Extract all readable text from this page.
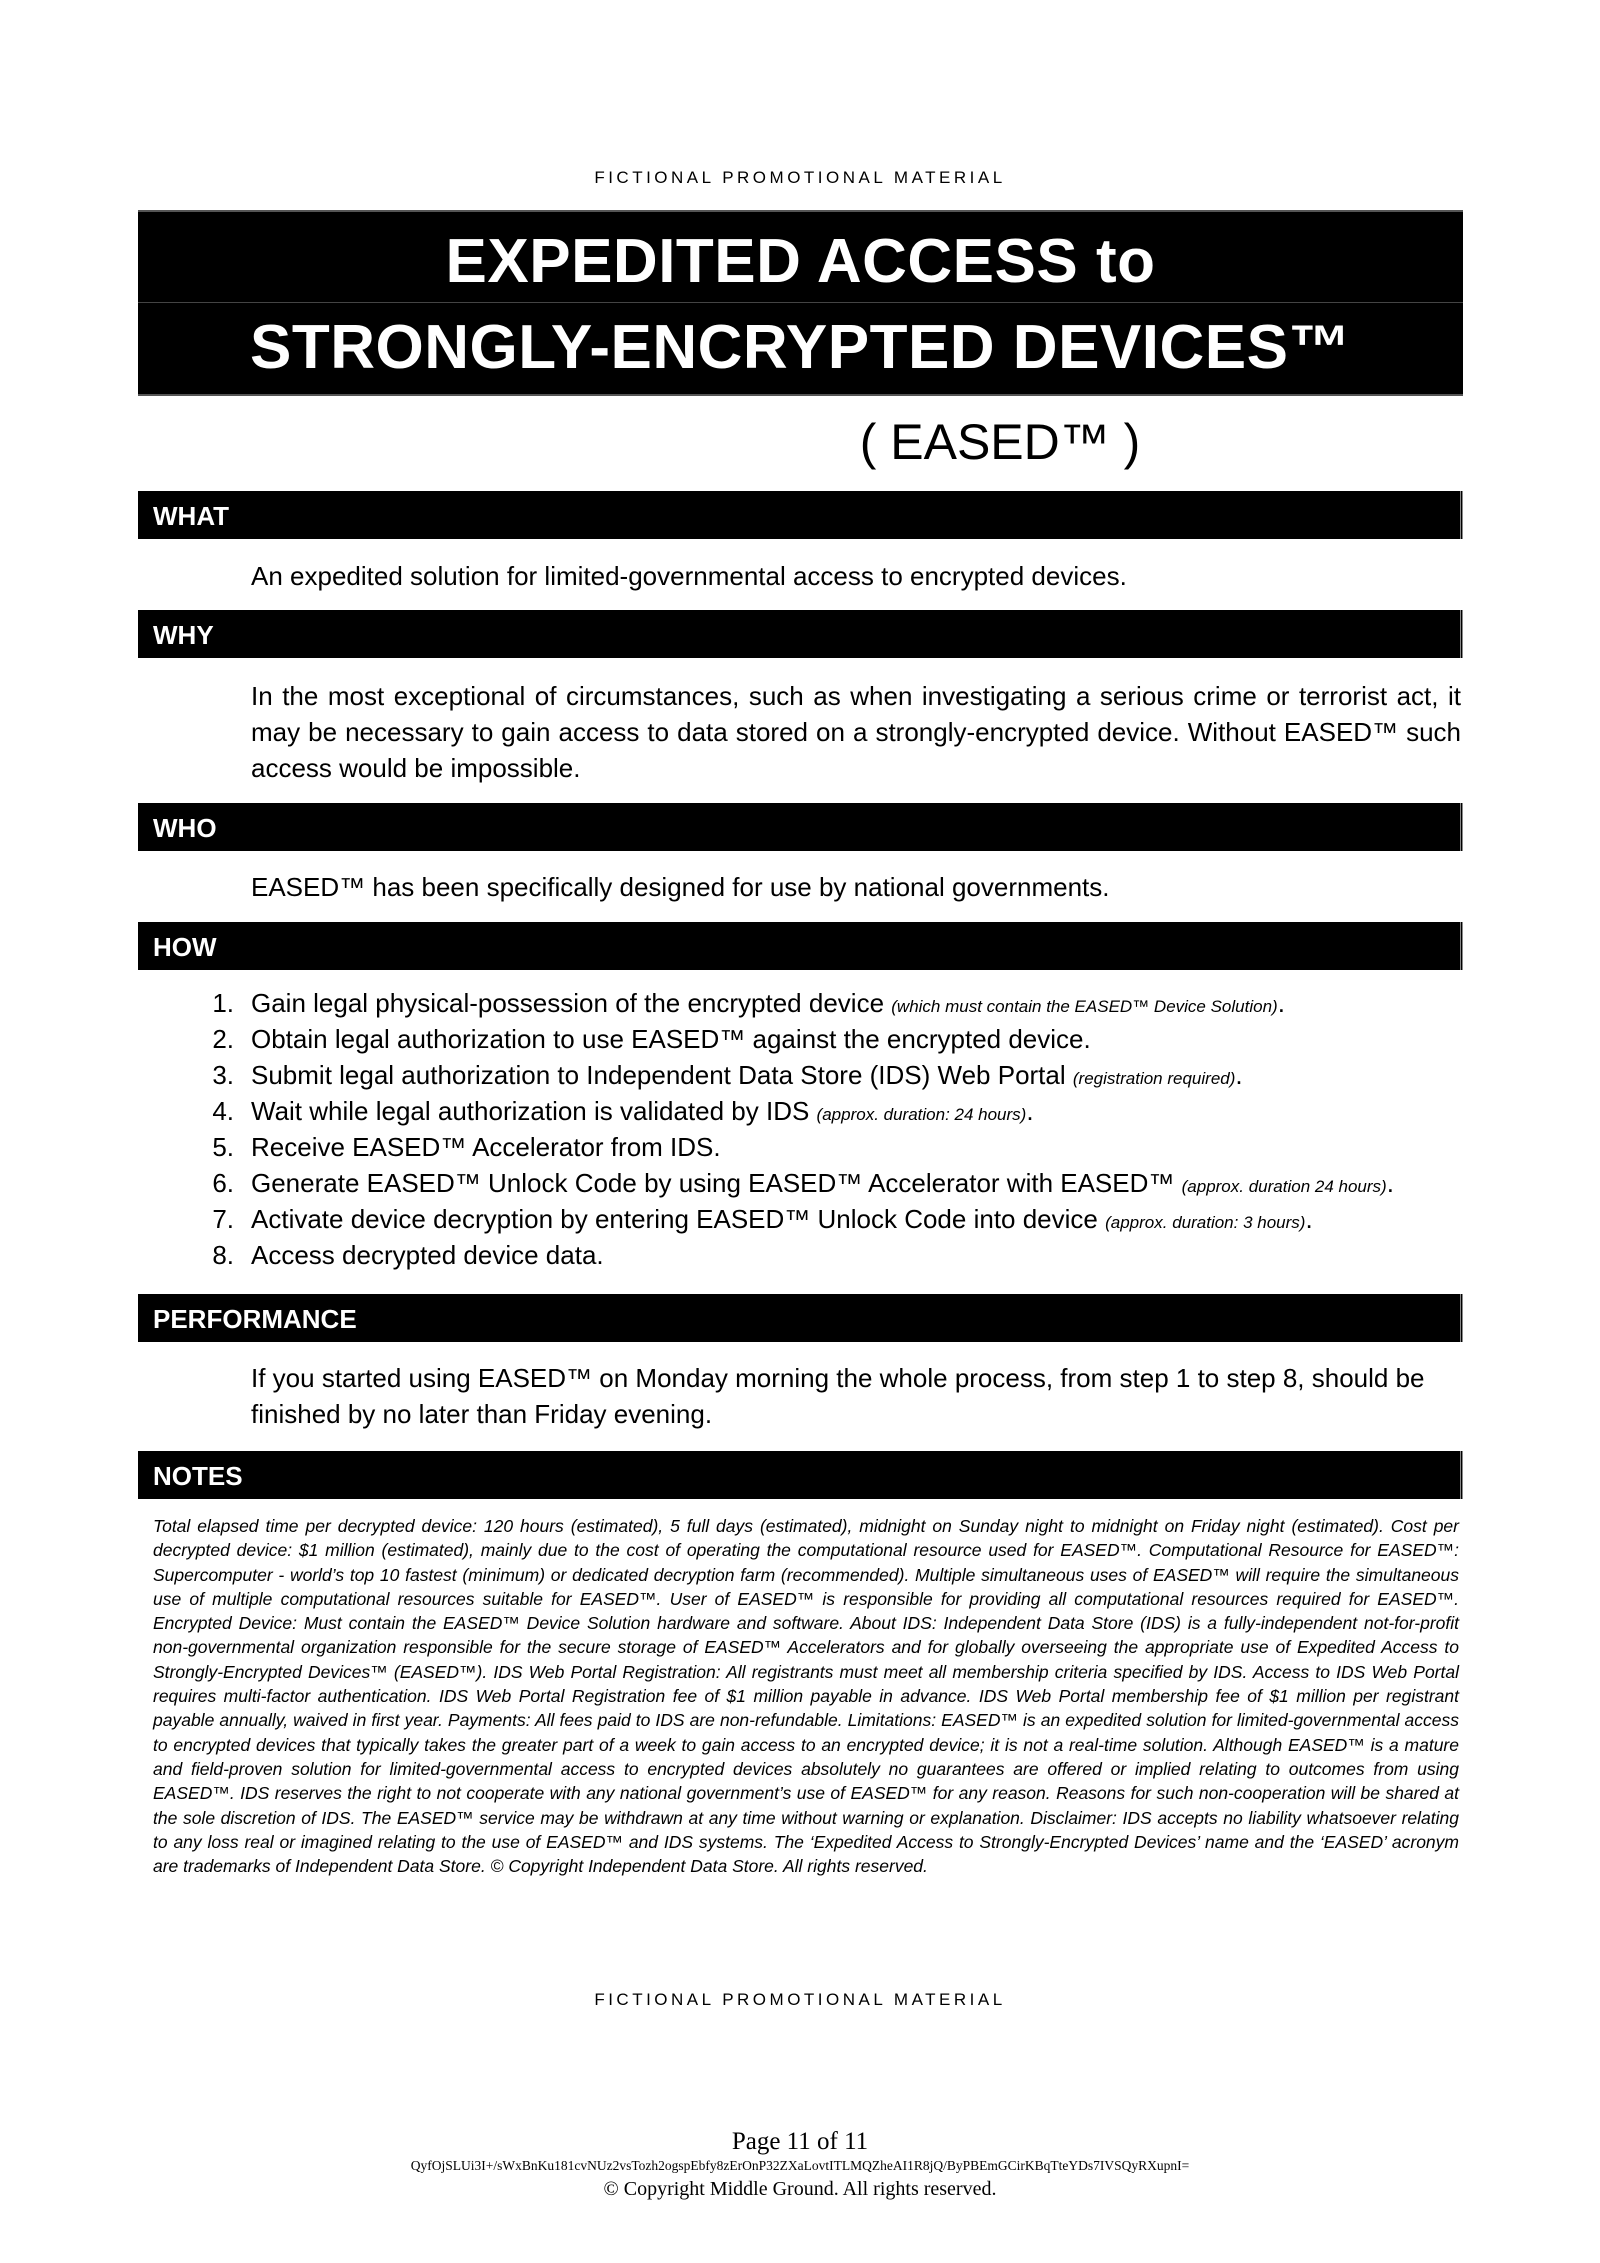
FICTIONAL PROMOTIONAL MATERIAL
EXPEDITED ACCESS to
STRONGLY-ENCRYPTED DEVICES™
( EASED™ )
WHAT
An expedited solution for limited-governmental access to encrypted devices.
WHY
In the most exceptional of circumstances, such as when investigating a serious crime or terrorist act, it may be necessary to gain access to data stored on a strongly-encrypted device. Without EASED™ such access would be impossible.
WHO
EASED™ has been specifically designed for use by national governments.
HOW
1. Gain legal physical-possession of the encrypted device (which must contain the EASED™ Device Solution).
2. Obtain legal authorization to use EASED™ against the encrypted device.
3. Submit legal authorization to Independent Data Store (IDS) Web Portal (registration required).
4. Wait while legal authorization is validated by IDS (approx. duration: 24 hours).
5. Receive EASED™ Accelerator from IDS.
6. Generate EASED™ Unlock Code by using EASED™ Accelerator with EASED™ (approx. duration 24 hours).
7. Activate device decryption by entering EASED™ Unlock Code into device (approx. duration: 3 hours).
8. Access decrypted device data.
PERFORMANCE
If you started using EASED™ on Monday morning the whole process, from step 1 to step 8, should be finished by no later than Friday evening.
NOTES
Total elapsed time per decrypted device: 120 hours (estimated), 5 full days (estimated), midnight on Sunday night to midnight on Friday night (estimated). Cost per decrypted device: $1 million (estimated), mainly due to the cost of operating the computational resource used for EASED™. Computational Resource for EASED™: Supercomputer - world’s top 10 fastest (minimum) or dedicated decryption farm (recommended). Multiple simultaneous uses of EASED™ will require the simultaneous use of multiple computational resources suitable for EASED™. User of EASED™ is responsible for providing all computational resources required for EASED™. Encrypted Device: Must contain the EASED™ Device Solution hardware and software. About IDS: Independent Data Store (IDS) is a fully-independent not-for-profit non-governmental organization responsible for the secure storage of EASED™ Accelerators and for globally overseeing the appropriate use of Expedited Access to Strongly-Encrypted Devices™ (EASED™). IDS Web Portal Registration: All registrants must meet all membership criteria specified by IDS. Access to IDS Web Portal requires multi-factor authentication. IDS Web Portal Registration fee of $1 million payable in advance. IDS Web Portal membership fee of $1 million per registrant payable annually, waived in first year. Payments: All fees paid to IDS are non-refundable. Limitations: EASED™ is an expedited solution for limited-governmental access to encrypted devices that typically takes the greater part of a week to gain access to an encrypted device; it is not a real-time solution. Although EASED™ is a mature and field-proven solution for limited-governmental access to encrypted devices absolutely no guarantees are offered or implied relating to outcomes from using EASED™. IDS reserves the right to not cooperate with any national government’s use of EASED™ for any reason. Reasons for such non-cooperation will be shared at the sole discretion of IDS. The EASED™ service may be withdrawn at any time without warning or explanation. Disclaimer: IDS accepts no liability whatsoever relating to any loss real or imagined relating to the use of EASED™ and IDS systems. The ‘Expedited Access to Strongly-Encrypted Devices’ name and the ‘EASED’ acronym are trademarks of Independent Data Store. © Copyright Independent Data Store. All rights reserved.
FICTIONAL PROMOTIONAL MATERIAL
Page 11 of 11
QyfOjSLUi3I+/sWxBnKu181cvNUz2vsTozh2ogspEbfy8zErOnP32ZXaLovtITLMQZheAI1R8jQ/ByPBEmGCirKBqTteYDs7IVSQyRXupnI=
© Copyright Middle Ground. All rights reserved.
